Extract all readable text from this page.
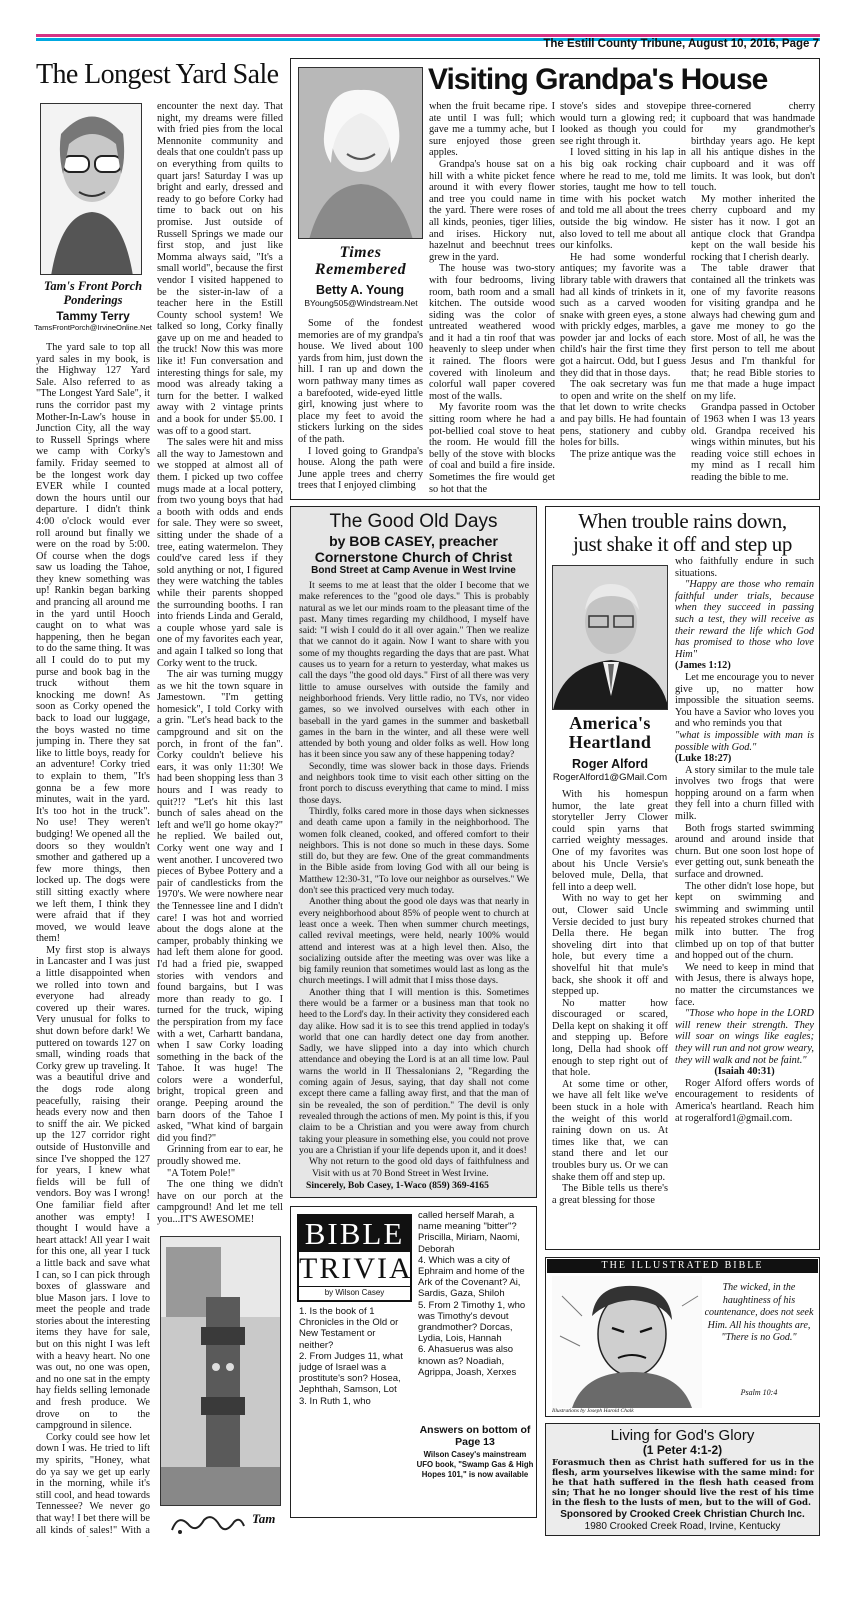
The Estill County Tribune, August 10, 2016, Page 7
The Longest Yard Sale
Tam's Front Porch Ponderings
Tammy Terry
TamsFrontPorch@IrvineOnline.Net

The yard sale to top all yard sales in my book, is the Highway 127 Yard Sale. Also referred to as "The Longest Yard Sale", it runs the corridor past my Mother-In-Law's house in Junction City, all the way to Russell Springs where we camp with Corky's family. Friday seemed to be the longest work day EVER while I counted down the hours until our departure. I didn't think 4:00 o'clock would ever roll around but finally we were on the road by 5:00. Of course when the dogs saw us loading the Tahoe, they knew something was up! Rankin began barking and prancing all around me in the yard until Hooch caught on to what was happening, then he began to do the same thing. It was all I could do to put my purse and book bag in the truck without them knocking me down! As soon as Corky opened the back to load our luggage, the boys wasted no time jumping in. There they sat like to little boys, ready for an adventure! Corky tried to explain to them, "It's gonna be a few more minutes, wait in the yard. It's too hot in the truck". No use! They weren't budging! We opened all the doors so they wouldn't smother and gathered up a few more things, then locked up. The dogs were still sitting exactly where we left them, I think they were afraid that if they moved, we would leave them!

My first stop is always in Lancaster and I was just a little disappointed when we rolled into town and everyone had already covered up their wares. Very unusual for folks to shut down before dark! We puttered on towards 127 on small, winding roads that Corky grew up traveling. It was a beautiful drive and the dogs rode along peacefully, raising their heads every now and then to sniff the air. We picked up the 127 corridor right outside of Hustonville and since I've shopped the 127 for years, I knew what fields will be full of vendors. Boy was I wrong! One familiar field after another was empty! I thought I would have a heart attack! All year I wait for this one, all year I tuck a little back and save what I can, so I can pick through boxes of glassware and blue Mason jars. I love to meet the people and trade stories about the interesting items they have for sale, but on this night I was left with a heavy heart. No one was out, no one was open, and no one sat in the empty hay fields selling lemonade and fresh produce. We drove on to the campground in silence.

Corky could see how let down I was. He tried to lift my spirits, "Honey, what do ya say we get up early in the morning, while it's still cool, and head towards Tennessee? We never go that way! I bet there will be all kinds of sales!" With a

encounter the next day. That night, my dreams were filled with fried pies from the local Mennonite community and deals that one couldn't pass up on everything from quilts to quart jars! Saturday I was up bright and early, dressed and ready to go before Corky had time to back out on his promise. Just outside of Russell Springs we made our first stop, and just like Momma always said, "It's a small world", because the first vendor I visited happened to be the sister-in-law of a teacher here in the Estill County school system! We talked so long, Corky finally gave up on me and headed to the truck! Now this was more like it! Fun conversation and interesting things for sale, my mood was already taking a turn for the better. I walked away with 2 vintage prints and a book for under $5.00. I was off to a good start.

The sales were hit and miss all the way to Jamestown and we stopped at almost all of them. I picked up two coffee mugs made at a local pottery, from two young boys that had a booth with odds and ends for sale. They were so sweet, sitting under the shade of a tree, eating watermelon. They could've cared less if they sold anything or not, I figured they were watching the tables while their parents shopped the surrounding booths. I ran into friends Linda and Gerald, a couple whose yard sale is one of my favorites each year, and again I talked so long that Corky went to the truck.

The air was turning muggy as we hit the town square in Jamestown. "I'm getting homesick", I told Corky with a grin. "Let's head back to the campground and sit on the porch, in front of the fan". Corky couldn't believe his ears, it was only 11:30! We had been shopping less than 3 hours and I was ready to quit?!? "Let's hit this last bunch of sales ahead on the left and we'll go home okay?" he replied. We bailed out, Corky went one way and I went another. I uncovered two pieces of Bybee Pottery and a pair of candlesticks from the 1970's. We were nowhere near the Tennessee line and I didn't care! I was hot and worried about the dogs alone at the camper, probably thinking we had left them alone for good. I'd had a fried pie, swapped stories with vendors and found bargains, but I was more than ready to go. I turned for the truck, wiping the perspiration from my face with a wet, Carhartt bandana, when I saw Corky loading something in the back of the Tahoe. It was huge! The colors were a wonderful, bright, tropical green and orange. Peeping around the barn doors of the Tahoe I asked, "What kind of bargain did you find?"

Grinning from ear to ear, he proudly showed me.

"A Totem Pole!"

The one thing we didn't have on our porch at the campground! And let me tell you...IT'S AWESOME!

Tam
Visiting Grandpa's House
Times Remembered
Betty A. Young
BYoung505@Windstream.Net

Some of the fondest memories are of my grandpa's house. We lived about 100 yards from him, just down the hill. I ran up and down the worn pathway many times as a barefooted, wide-eyed little girl, knowing just where to place my feet to avoid the stickers lurking on the sides of the path.

I loved going to Grandpa's house. Along the path were June apple trees and cherry trees that I enjoyed climbing

when the fruit became ripe. I ate until I was full; which gave me a tummy ache, but I sure enjoyed those green apples.

Grandpa's house sat on a hill with a white picket fence around it with every flower and tree you could name in the yard. There were roses of all kinds, peonies, tiger lilies, and irises. Hickory nut, hazelnut and beechnut trees grew in the yard.

The house was two-story with four bedrooms, living room, bath room and a small kitchen. The outside wood siding was the color of untreated weathered wood and it had a tin roof that was heavenly to sleep under when it rained. The floors were covered with linoleum and colorful wall paper covered most of the walls.

My favorite room was the sitting room where he had a pot-bellied coal stove to heat the room. He would fill the belly of the stove with blocks of coal and build a fire inside. Sometimes the fire would get so hot that the

stove's sides and stovepipe would turn a glowing red; it looked as though you could see right through it.

I loved sitting in his lap in his big oak rocking chair where he read to me, told me stories, taught me how to tell time with his pocket watch and told me all about the trees outside the big window. He also loved to tell me about all our kinfolks.

He had some wonderful antiques; my favorite was a library table with drawers that had all kinds of trinkets in it, such as a carved wooden snake with green eyes, a stone with prickly edges, marbles, a powder jar and locks of each child's hair the first time they got a haircut. Odd, but I guess they did that in those days.

The oak secretary was fun to open and write on the shelf that let down to write checks and pay bills. He had fountain pens, stationery and cubby holes for bills.

The prize antique was the

three-cornered cherry cupboard that was handmade for my grandmother's birthday years ago. He kept all his antique dishes in the cupboard and it was off limits. It was look, but don't touch.

My mother inherited the cherry cupboard and my sister has it now. I got an antique clock that Grandpa kept on the wall beside his rocking that I cherish dearly.

The table drawer that contained all the trinkets was one of my favorite reasons for visiting grandpa and he always had chewing gum and gave me money to go the store. Most of all, he was the first person to tell me about Jesus and I'm thankful for that; he read Bible stories to me that made a huge impact on my life.

Grandpa passed in October of 1963 when I was 13 years old. Grandpa received his wings within minutes, but his reading voice still echoes in my mind as I recall him reading the bible to me.

The Good Old Days
by BOB CASEY, preacher
Cornerstone Church of Christ
Bond Street at Camp Avenue in West Irvine

It seems to me at least that the older I become that we make references to the "good ole days." This is probably natural as we let our minds roam to the pleasant time of the past. Many times regarding my childhood, I myself have said: "I wish I could do it all over again." Then we realize that we cannot do it again. Now I want to share with you some of my thoughts regarding the days that are past. What causes us to yearn for a return to yesterday, what makes us call the days "the good old days." First of all there was very little to amuse ourselves with outside the family and neighborhood friends. Very little radio, no TVs, nor video games, so we involved ourselves with each other in baseball in the yard games in the summer and basketball games in the barn in the winter, and all these were well attended by both young and older folks as well. How long has it been since you saw any of these happening today?

Secondly, time was slower back in those days. Friends and neighbors took time to visit each other sitting on the front porch to discuss everything that came to mind. I miss those days.

Thirdly, folks cared more in those days when sicknesses and death came upon a family in the neighborhood. The women folk cleaned, cooked, and offered comfort to their neighbors. This is not done so much in these days. Some still do, but they are few. One of the great commandments in the Bible aside from loving God with all our being is Matthew 12:30-31, "To love our neighbor as ourselves." We don't see this practiced very much today.

Another thing about the good ole days was that nearly in every neighborhood about 85% of people went to church at least once a week. Then when summer church meetings, called revival meetings, were held, nearly 100% would attend and interest was at a high level then. Also, the socializing outside after the meeting was over was like a big family reunion that sometimes would last as long as the church meetings. I will admit that I miss those days.

Another thing that I will mention is this. Sometimes there would be a farmer or a business man that took no heed to the Lord's day. In their activity they considered each day alike. How sad it is to see this trend applied in today's world that one can hardly detect one day from another. Sadly, we have slipped into a day into which church attendance and obeying the Lord is at an all time low. Paul warns the world in II Thessalonians 2, "Regarding the coming again of Jesus, saying, that day shall not come except there came a falling away first, and that the man of sin be revealed, the son of perdition." The devil is only revealed through the actions of men. My point is this, if you claim to be a Christian and you were away from church taking your pleasure in something else, you could not prove you are a Christian if your life depends upon it, and it does!

Why not return to the good old days of faithfulness and

Visit with us at 70 Bond Street in West Irvine.
Sincerely, Bob Casey, 1-Waco (859) 369-4165
BIBLE
TRIVIA
by Wilson Casey
1. Is the book of 1 Chronicles in the Old or New Testament or neither?
2. From Judges 11, what judge of Israel was a prostitute's son? Hosea, Jephthah, Samson, Lot
3. In Ruth 1, who
called herself Marah, a name meaning "bitter"? Priscilla, Miriam, Naomi, Deborah
4. Which was a city of Ephraim and home of the Ark of the Covenant? Ai, Sardis, Gaza, Shiloh
5. From 2 Timothy 1, who was Timothy's devout grandmother? Dorcas, Lydia, Lois, Hannah
6. Ahasuerus was also known as? Noadiah, Agrippa, Joash, Xerxes
Answers on bottom of Page 13
Wilson Casey's mainstream UFO book, "Swamp Gas & High Hopes 101," is now available
When trouble rains down,
just shake it off and step up
America's
Heartland
Roger Alford
RogerAlford1@GMail.Com

With his homespun humor, the late great storyteller Jerry Clower could spin yarns that carried weighty messages. One of my favorites was about his Uncle Versie's beloved mule, Della, that fell into a deep well.

With no way to get her out, Clower said Uncle Versie decided to just bury Della there. He began shoveling dirt into that hole, but every time a shovelful hit that mule's back, she shook it off and stepped up.

No matter how discouraged or scared, Della kept on shaking it off and stepping up. Before long, Della had shook off enough to step right out of that hole.

At some time or other, we have all felt like we've been stuck in a hole with the weight of this world raining down on us. At times like that, we can stand there and let our troubles bury us. Or we can shake them off and step up.

The Bible tells us there's a great blessing for those

who faithfully endure in such situations.

"Happy are those who remain faithful under trials, because when they succeed in passing such a test, they will receive as their reward the life which God has promised to those who love Him"

(James 1:12)

Let me encourage you to never give up, no matter how impossible the situation seems. You have a Savior who loves you and who reminds you that

"what is impossible with man is possible with God."

(Luke 18:27)

A story similar to the mule tale involves two frogs that were hopping around on a farm when they fell into a churn filled with milk.

Both frogs started swimming around and around inside that churn. But one soon lost hope of ever getting out, sunk beneath the surface and drowned.

The other didn't lose hope, but kept on swimming and swimming and swimming until his repeated strokes churned that milk into butter. The frog climbed up on top of that butter and hopped out of the churn.

We need to keep in mind that with Jesus, there is always hope, no matter the circumstances we face.

"Those who hope in the LORD will renew their strength. They will soar on wings like eagles; they will run and not grow weary, they will walk and not be faint."

(Isaiah 40:31)

Roger Alford offers words of encouragement to residents of America's heartland. Reach him at rogeralford1@gmail.com.

THE ILLUSTRATED BIBLE
The wicked, in the haughtiness of his countenance, does not seek Him. All his thoughts are, "There is no God."
Psalm 10:4
Illustrations by Joseph Harold Chalk
Living for God's Glory
(1 Peter 4:1-2)
Forasmuch then as Christ hath suffered for us in the flesh, arm yourselves likewise with the same mind: for he that hath suffered in the flesh hath ceased from sin; That he no longer should live the rest of his time in the flesh to the lusts of men, but to the will of God.
Sponsored by Crooked Creek Christian Church Inc.
1980 Crooked Creek Road, Irvine, Kentucky
